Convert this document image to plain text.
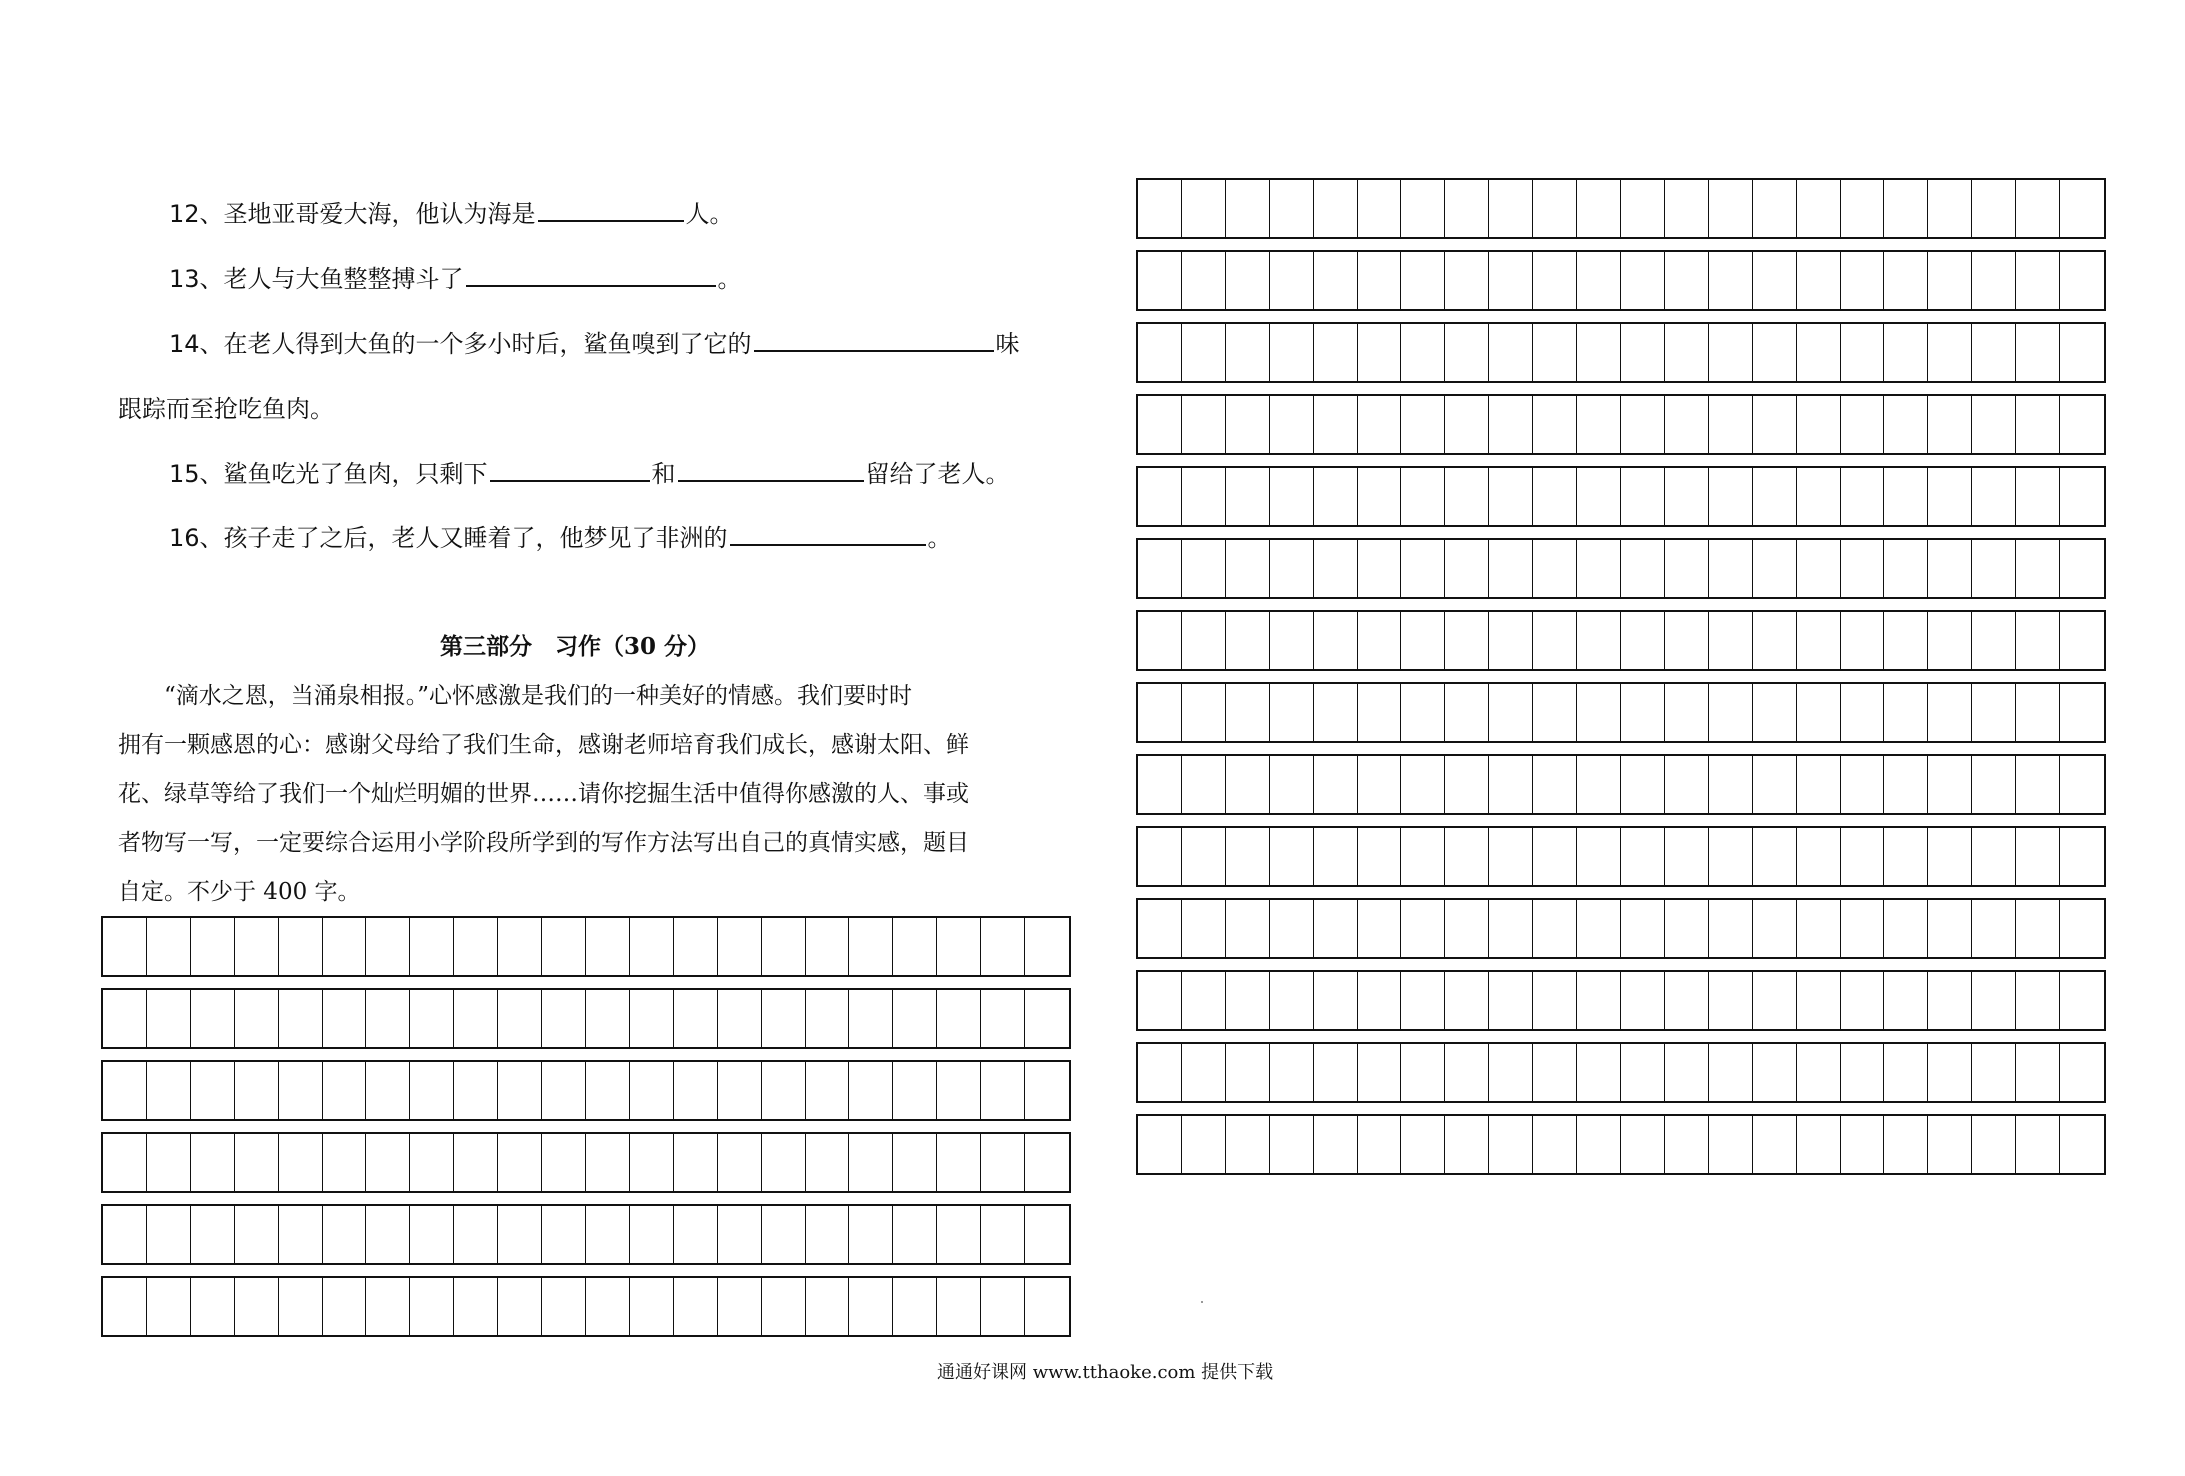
12、圣地亚哥爱大海，他认为海是	人。
13、老人与大鱼整整搏斗了	。
14、在老人得到大鱼的一个多小时后，鲨鱼嗅到了它的	味
跟踪而至抢吃鱼肉。
15、鲨鱼吃光了鱼肉，只剩下	和	留给了老人。
16、孩子走了之后，老人又睡着了，他梦见了非洲的	。
第三部分　习作（30 分）

“滴水之恩，当涌泉相报。”心怀感激是我们的一种美好的情感。我们要时时

拥有一颗感恩的心：感谢父母给了我们生命，感谢老师培育我们成长，感谢太阳、鲜

花、绿草等给了我们一个灿烂明媚的世界……请你挖掘生活中值得你感激的人、事或

者物写一写，一定要综合运用小学阶段所学到的写作方法写出自己的真情实感，题目

自定。不少于 400 字。

通通好课网 www.tthaoke.com 提供下载
